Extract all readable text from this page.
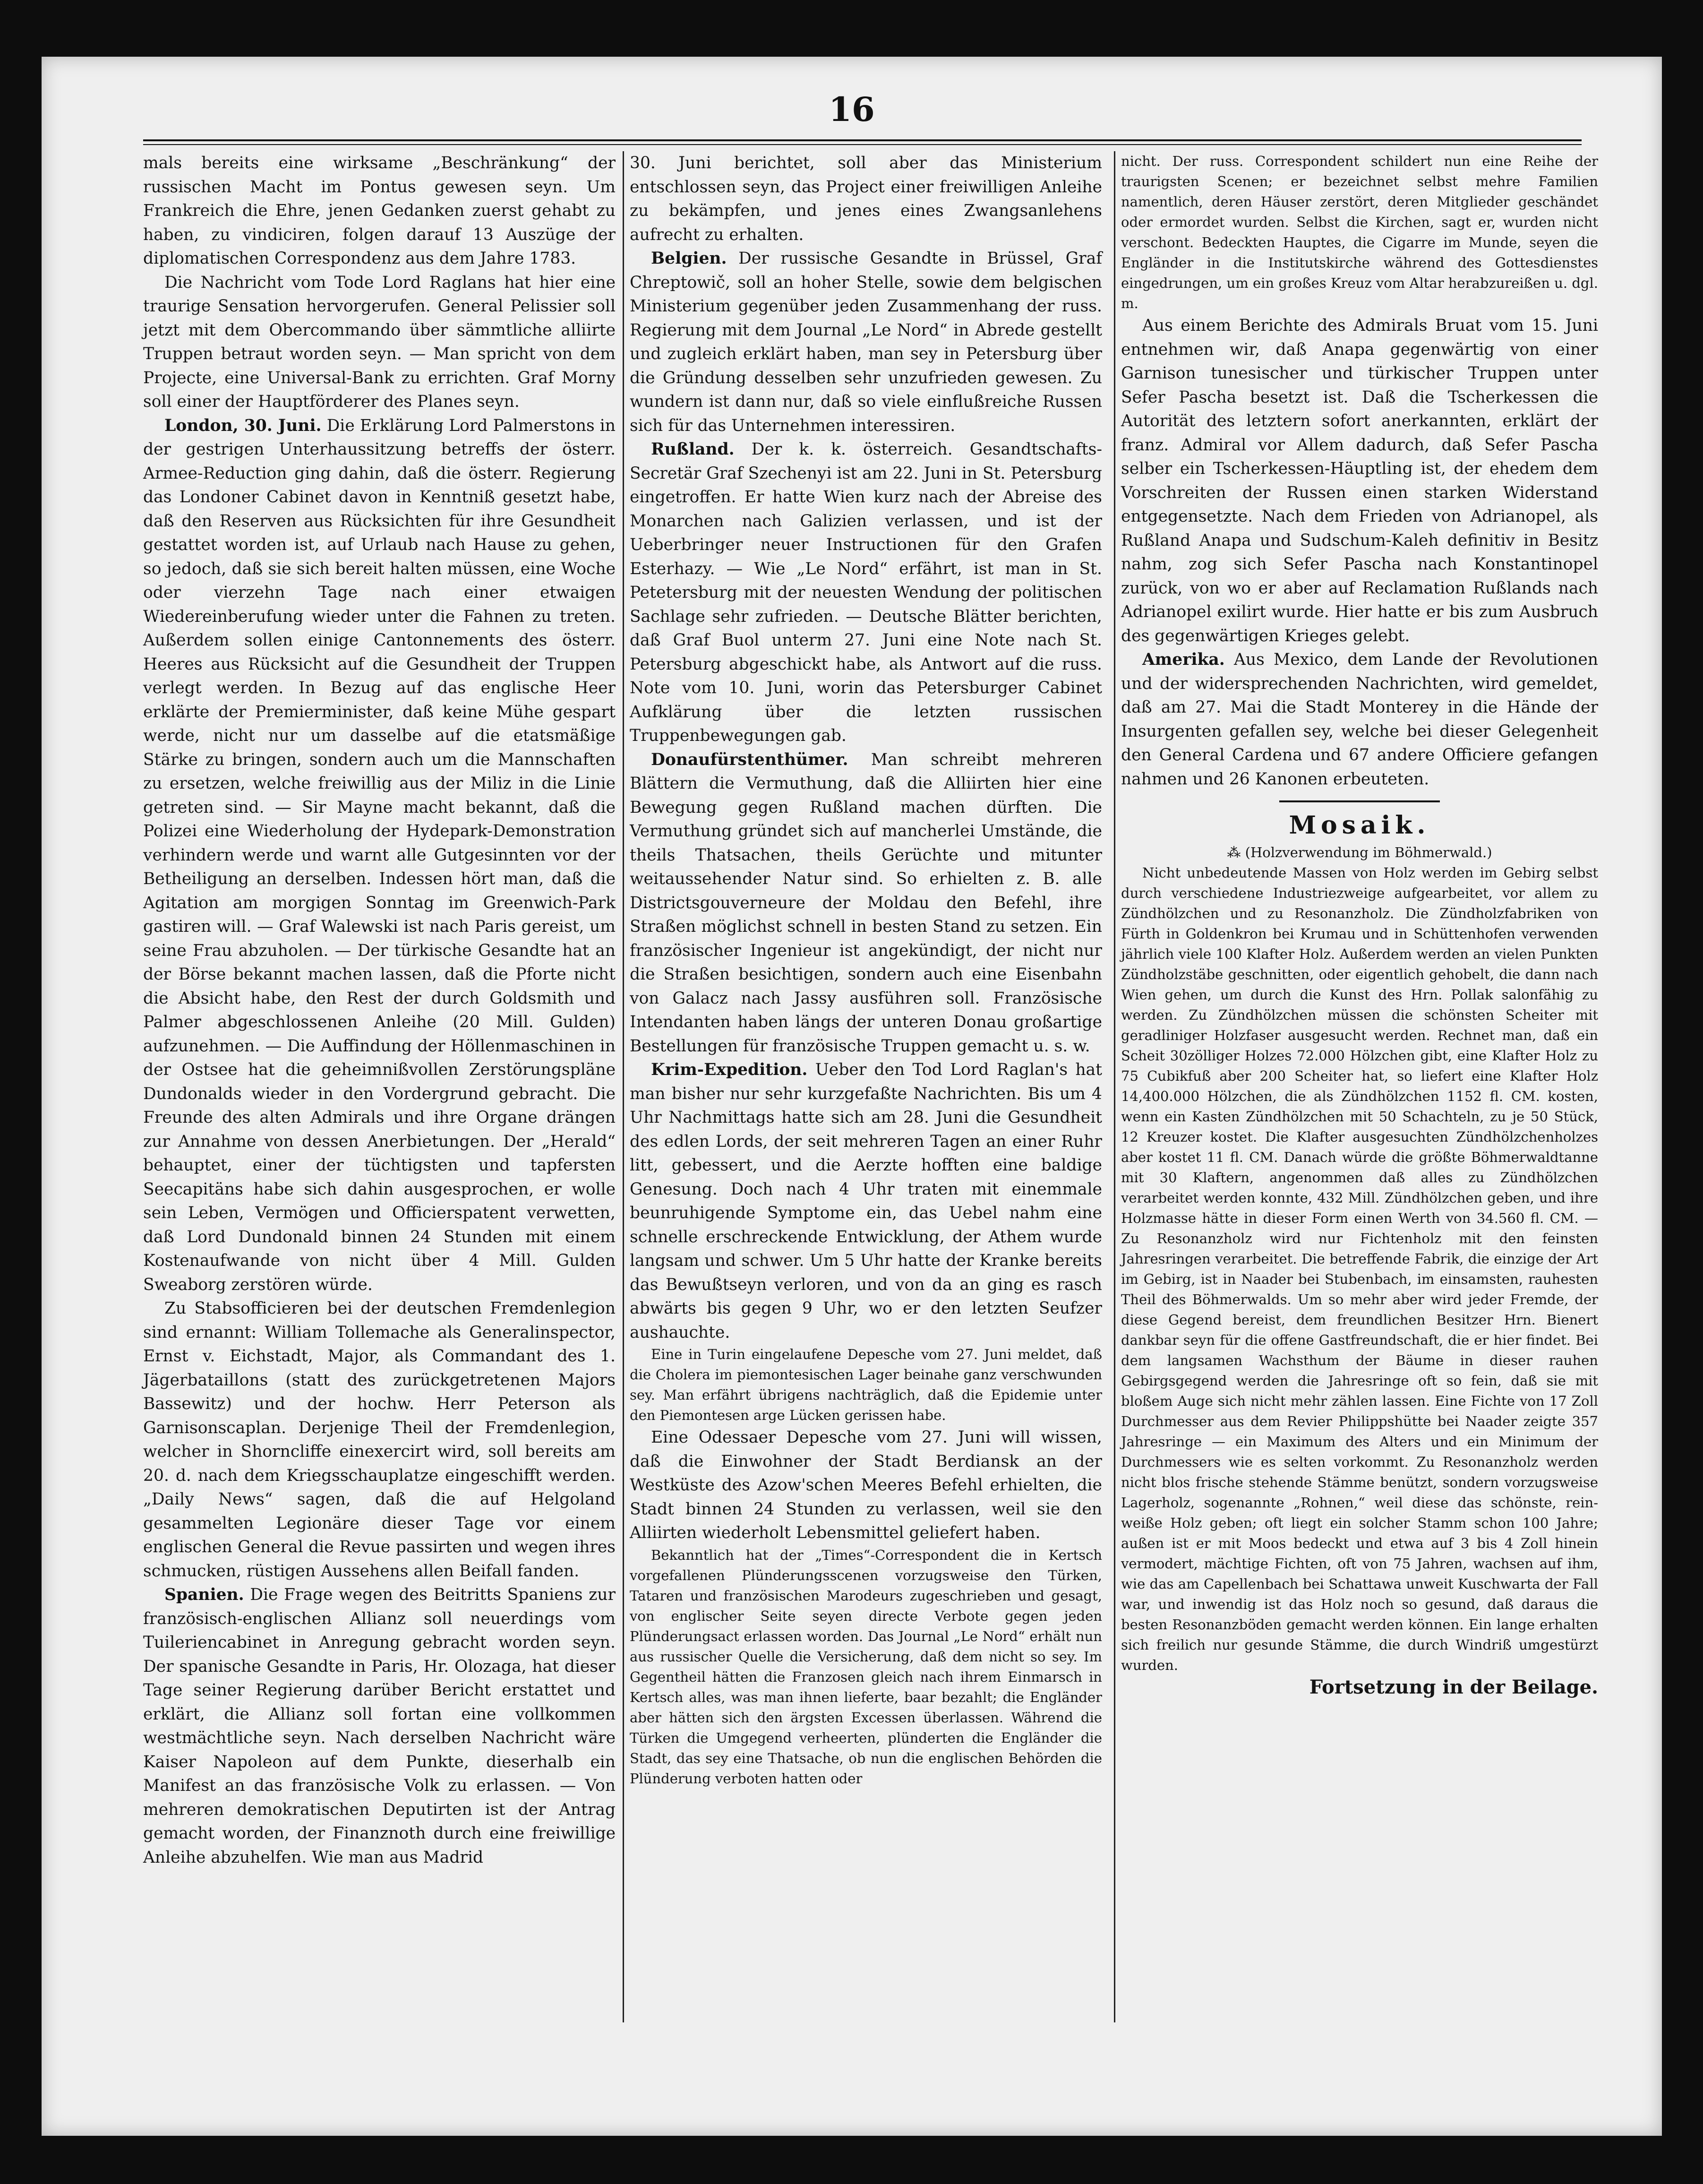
16

mals bereits eine wirksame „Beschränkung“ der russischen Macht im Pontus gewesen seyn. Um Frankreich die Ehre, jenen Gedanken zuerst gehabt zu haben, zu vindiciren, folgen darauf 13 Auszüge der diplomatischen Correspondenz aus dem Jahre 1783.

Die Nachricht vom Tode Lord Raglans hat hier eine traurige Sensation hervorgerufen. General Pelissier soll jetzt mit dem Obercommando über sämmtliche alliirte Truppen betraut worden seyn. — Man spricht von dem Projecte, eine Universal-Bank zu errichten. Graf Morny soll einer der Hauptförderer des Planes seyn.

London, 30. Juni. Die Erklärung Lord Palmerstons in der gestrigen Unterhaussitzung betreffs der österr. Armee-Reduction ging dahin, daß die österr. Regierung das Londoner Cabinet davon in Kenntniß gesetzt habe, daß den Reserven aus Rücksichten für ihre Gesundheit gestattet worden ist, auf Urlaub nach Hause zu gehen, so jedoch, daß sie sich bereit halten müssen, eine Woche oder vierzehn Tage nach einer etwaigen Wiedereinberufung wieder unter die Fahnen zu treten. Außerdem sollen einige Cantonnements des österr. Heeres aus Rücksicht auf die Gesundheit der Truppen verlegt werden. In Bezug auf das englische Heer erklärte der Premierminister, daß keine Mühe gespart werde, nicht nur um dasselbe auf die etatsmäßige Stärke zu bringen, sondern auch um die Mannschaften zu ersetzen, welche freiwillig aus der Miliz in die Linie getreten sind. — Sir Mayne macht bekannt, daß die Polizei eine Wiederholung der Hydepark-Demonstration verhindern werde und warnt alle Gutgesinnten vor der Betheiligung an derselben. Indessen hört man, daß die Agitation am morgigen Sonntag im Greenwich-Park gastiren will. — Graf Walewski ist nach Paris gereist, um seine Frau abzuholen. — Der türkische Gesandte hat an der Börse bekannt machen lassen, daß die Pforte nicht die Absicht habe, den Rest der durch Goldsmith und Palmer abgeschlossenen Anleihe (20 Mill. Gulden) aufzunehmen. — Die Auffindung der Höllenmaschinen in der Ostsee hat die geheimnißvollen Zerstörungspläne Dundonalds wieder in den Vordergrund gebracht. Die Freunde des alten Admirals und ihre Organe drängen zur Annahme von dessen Anerbietungen. Der „Herald“ behauptet, einer der tüchtigsten und tapfersten Seecapitäns habe sich dahin ausgesprochen, er wolle sein Leben, Vermögen und Officierspatent verwetten, daß Lord Dundonald binnen 24 Stunden mit einem Kostenaufwande von nicht über 4 Mill. Gulden Sweaborg zerstören würde.

Zu Stabsofficieren bei der deutschen Fremdenlegion sind ernannt: William Tollemache als Generalinspector, Ernst v. Eichstadt, Major, als Commandant des 1. Jägerbataillons (statt des zurückgetretenen Majors Bassewitz) und der hochw. Herr Peterson als Garnisonscaplan. Derjenige Theil der Fremdenlegion, welcher in Shorncliffe einexercirt wird, soll bereits am 20. d. nach dem Kriegsschauplatze eingeschifft werden. „Daily News“ sagen, daß die auf Helgoland gesammelten Legionäre dieser Tage vor einem englischen General die Revue passirten und wegen ihres schmucken, rüstigen Aussehens allen Beifall fanden.

Spanien. Die Frage wegen des Beitritts Spaniens zur französisch-englischen Allianz soll neuerdings vom Tuileriencabinet in Anregung gebracht worden seyn. Der spanische Gesandte in Paris, Hr. Olozaga, hat dieser Tage seiner Regierung darüber Bericht erstattet und erklärt, die Allianz soll fortan eine vollkommen westmächtliche seyn. Nach derselben Nachricht wäre Kaiser Napoleon auf dem Punkte, dieserhalb ein Manifest an das französische Volk zu erlassen. — Von mehreren demokratischen Deputirten ist der Antrag gemacht worden, der Finanznoth durch eine freiwillige Anleihe abzuhelfen. Wie man aus Madrid

30. Juni berichtet, soll aber das Ministerium entschlossen seyn, das Project einer freiwilligen Anleihe zu bekämpfen, und jenes eines Zwangsanlehens aufrecht zu erhalten.

Belgien. Der russische Gesandte in Brüssel, Graf Chreptowič, soll an hoher Stelle, sowie dem belgischen Ministerium gegenüber jeden Zusammenhang der russ. Regierung mit dem Journal „Le Nord“ in Abrede gestellt und zugleich erklärt haben, man sey in Petersburg über die Gründung desselben sehr unzufrieden gewesen. Zu wundern ist dann nur, daß so viele einflußreiche Russen sich für das Unternehmen interessiren.

Rußland. Der k. k. österreich. Gesandtschafts-Secretär Graf Szechenyi ist am 22. Juni in St. Petersburg eingetroffen. Er hatte Wien kurz nach der Abreise des Monarchen nach Galizien verlassen, und ist der Ueberbringer neuer Instructionen für den Grafen Esterhazy. — Wie „Le Nord“ erfährt, ist man in St. Petetersburg mit der neuesten Wendung der politischen Sachlage sehr zufrieden. — Deutsche Blätter berichten, daß Graf Buol unterm 27. Juni eine Note nach St. Petersburg abgeschickt habe, als Antwort auf die russ. Note vom 10. Juni, worin das Petersburger Cabinet Aufklärung über die letzten russischen Truppenbewegungen gab.

Donaufürstenthümer. Man schreibt mehreren Blättern die Vermuthung, daß die Alliirten hier eine Bewegung gegen Rußland machen dürften. Die Vermuthung gründet sich auf mancherlei Umstände, die theils Thatsachen, theils Gerüchte und mitunter weitaussehender Natur sind. So erhielten z. B. alle Districtsgouverneure der Moldau den Befehl, ihre Straßen möglichst schnell in besten Stand zu setzen. Ein französischer Ingenieur ist angekündigt, der nicht nur die Straßen besichtigen, sondern auch eine Eisenbahn von Galacz nach Jassy ausführen soll. Französische Intendanten haben längs der unteren Donau großartige Bestellungen für französische Truppen gemacht u. s. w.

Krim-Expedition. Ueber den Tod Lord Raglan's hat man bisher nur sehr kurzgefaßte Nachrichten. Bis um 4 Uhr Nachmittags hatte sich am 28. Juni die Gesundheit des edlen Lords, der seit mehreren Tagen an einer Ruhr litt, gebessert, und die Aerzte hofften eine baldige Genesung. Doch nach 4 Uhr traten mit einemmale beunruhigende Symptome ein, das Uebel nahm eine schnelle erschreckende Entwicklung, der Athem wurde langsam und schwer. Um 5 Uhr hatte der Kranke bereits das Bewußtseyn verloren, und von da an ging es rasch abwärts bis gegen 9 Uhr, wo er den letzten Seufzer aushauchte.

Eine in Turin eingelaufene Depesche vom 27. Juni meldet, daß die Cholera im piemontesischen Lager beinahe ganz verschwunden sey. Man erfährt übrigens nachträglich, daß die Epidemie unter den Piemontesen arge Lücken gerissen habe.

Eine Odessaer Depesche vom 27. Juni will wissen, daß die Einwohner der Stadt Berdiansk an der Westküste des Azow'schen Meeres Befehl erhielten, die Stadt binnen 24 Stunden zu verlassen, weil sie den Alliirten wiederholt Lebensmittel geliefert haben.

Bekanntlich hat der „Times“-Correspondent die in Kertsch vorgefallenen Plünderungsscenen vorzugsweise den Türken, Tataren und französischen Marodeurs zugeschrieben und gesagt, von englischer Seite seyen directe Verbote gegen jeden Plünderungsact erlassen worden. Das Journal „Le Nord“ erhält nun aus russischer Quelle die Versicherung, daß dem nicht so sey. Im Gegentheil hätten die Franzosen gleich nach ihrem Einmarsch in Kertsch alles, was man ihnen lieferte, baar bezahlt; die Engländer aber hätten sich den ärgsten Excessen überlassen. Während die Türken die Umgegend verheerten, plünderten die Engländer die Stadt, das sey eine Thatsache, ob nun die englischen Behörden die Plünderung verboten hatten oder

nicht. Der russ. Correspondent schildert nun eine Reihe der traurigsten Scenen; er bezeichnet selbst mehre Familien namentlich, deren Häuser zerstört, deren Mitglieder geschändet oder ermordet wurden. Selbst die Kirchen, sagt er, wurden nicht verschont. Bedeckten Hauptes, die Cigarre im Munde, seyen die Engländer in die Institutskirche während des Gottesdienstes eingedrungen, um ein großes Kreuz vom Altar herabzureißen u. dgl. m.

Aus einem Berichte des Admirals Bruat vom 15. Juni entnehmen wir, daß Anapa gegenwärtig von einer Garnison tunesischer und türkischer Truppen unter Sefer Pascha besetzt ist. Daß die Tscherkessen die Autorität des letztern sofort anerkannten, erklärt der franz. Admiral vor Allem dadurch, daß Sefer Pascha selber ein Tscherkessen-Häuptling ist, der ehedem dem Vorschreiten der Russen einen starken Widerstand entgegensetzte. Nach dem Frieden von Adrianopel, als Rußland Anapa und Sudschum-Kaleh definitiv in Besitz nahm, zog sich Sefer Pascha nach Konstantinopel zurück, von wo er aber auf Reclamation Rußlands nach Adrianopel exilirt wurde. Hier hatte er bis zum Ausbruch des gegenwärtigen Krieges gelebt.

Amerika. Aus Mexico, dem Lande der Revolutionen und der widersprechenden Nachrichten, wird gemeldet, daß am 27. Mai die Stadt Monterey in die Hände der Insurgenten gefallen sey, welche bei dieser Gelegenheit den General Cardena und 67 andere Officiere gefangen nahmen und 26 Kanonen erbeuteten.

Mosaik.

⁂ (Holzverwendung im Böhmerwald.)

Nicht unbedeutende Massen von Holz werden im Gebirg selbst durch verschiedene Industriezweige aufgearbeitet, vor allem zu Zündhölzchen und zu Resonanzholz. Die Zündholzfabriken von Fürth in Goldenkron bei Krumau und in Schüttenhofen verwenden jährlich viele 100 Klafter Holz. Außerdem werden an vielen Punkten Zündholzstäbe geschnitten, oder eigentlich gehobelt, die dann nach Wien gehen, um durch die Kunst des Hrn. Pollak salonfähig zu werden. Zu Zündhölzchen müssen die schönsten Scheiter mit geradliniger Holzfaser ausgesucht werden. Rechnet man, daß ein Scheit 30zölliger Holzes 72.000 Hölzchen gibt, eine Klafter Holz zu 75 Cubikfuß aber 200 Scheiter hat, so liefert eine Klafter Holz 14,400.000 Hölzchen, die als Zündhölzchen 1152 fl. CM. kosten, wenn ein Kasten Zündhölzchen mit 50 Schachteln, zu je 50 Stück, 12 Kreuzer kostet. Die Klafter ausgesuchten Zündhölzchenholzes aber kostet 11 fl. CM. Danach würde die größte Böhmerwaldtanne mit 30 Klaftern, angenommen daß alles zu Zündhölzchen verarbeitet werden konnte, 432 Mill. Zündhölzchen geben, und ihre Holzmasse hätte in dieser Form einen Werth von 34.560 fl. CM. — Zu Resonanzholz wird nur Fichtenholz mit den feinsten Jahresringen verarbeitet. Die betreffende Fabrik, die einzige der Art im Gebirg, ist in Naader bei Stubenbach, im einsamsten, rauhesten Theil des Böhmerwalds. Um so mehr aber wird jeder Fremde, der diese Gegend bereist, dem freundlichen Besitzer Hrn. Bienert dankbar seyn für die offene Gastfreundschaft, die er hier findet. Bei dem langsamen Wachsthum der Bäume in dieser rauhen Gebirgsgegend werden die Jahresringe oft so fein, daß sie mit bloßem Auge sich nicht mehr zählen lassen. Eine Fichte von 17 Zoll Durchmesser aus dem Revier Philippshütte bei Naader zeigte 357 Jahresringe — ein Maximum des Alters und ein Minimum der Durchmessers wie es selten vorkommt. Zu Resonanzholz werden nicht blos frische stehende Stämme benützt, sondern vorzugsweise Lagerholz, sogenannte „Rohnen,“ weil diese das schönste, rein-weiße Holz geben; oft liegt ein solcher Stamm schon 100 Jahre; außen ist er mit Moos bedeckt und etwa auf 3 bis 4 Zoll hinein vermodert, mächtige Fichten, oft von 75 Jahren, wachsen auf ihm, wie das am Capellenbach bei Schattawa unweit Kuschwarta der Fall war, und inwendig ist das Holz noch so gesund, daß daraus die besten Resonanzböden gemacht werden können. Ein lange erhalten sich freilich nur gesunde Stämme, die durch Windriß umgestürzt wurden.

Fortsetzung in der Beilage.
